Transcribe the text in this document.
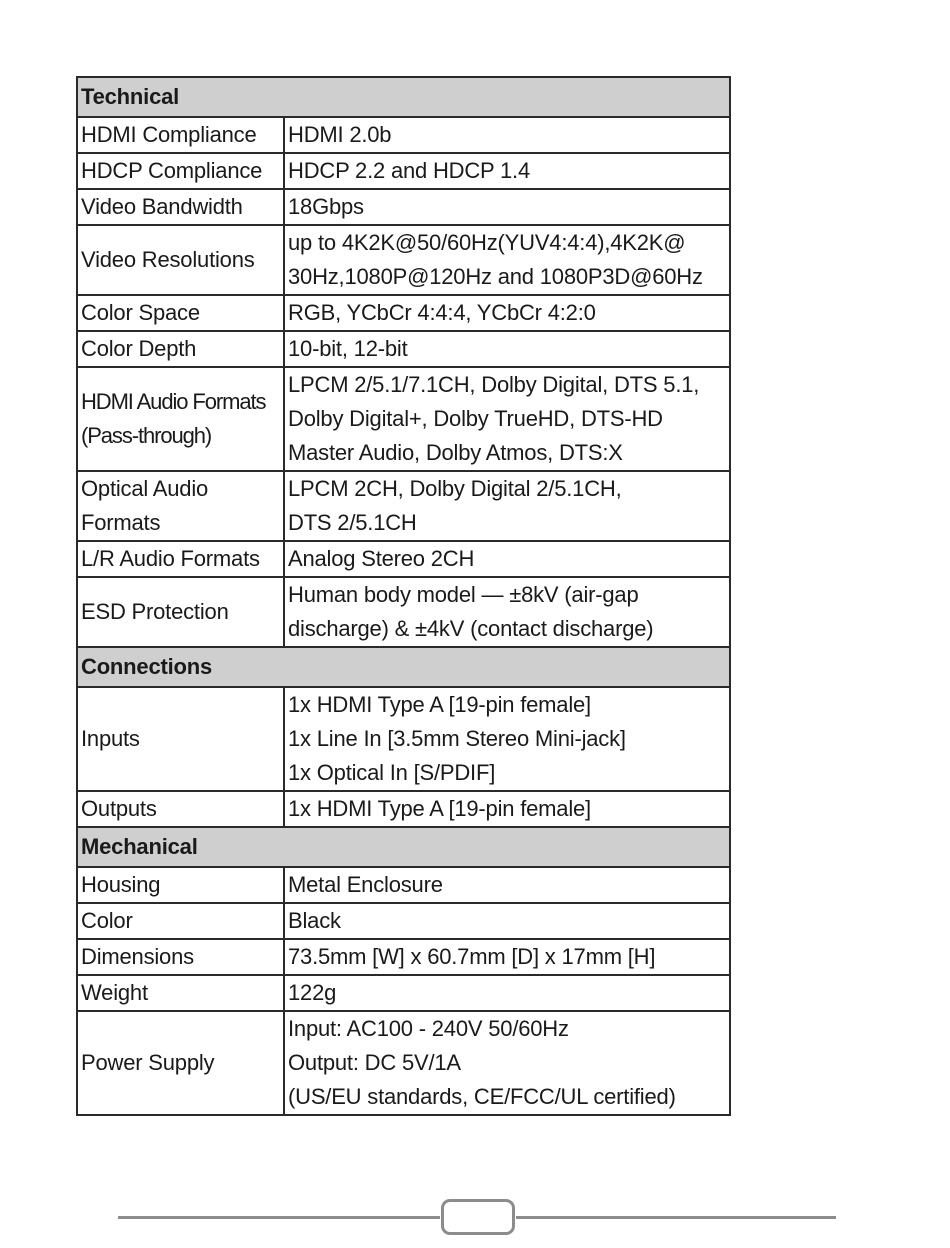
Technical	

HDMI Compliance	HDMI 2.0b

HDCP Compliance	HDCP 2.2 and HDCP 1.4

Video Bandwidth	18Gbps

Video Resolutions	up to 4K2K@50/60Hz(YUV4:4:4),4K2K@
30Hz,1080P@120Hz and 1080P3D@60Hz

Color Space	RGB, YCbCr 4:4:4, YCbCr 4:2:0

Color Depth	10-bit, 12-bit

HDMI Audio Formats
(Pass-through)	LPCM 2/5.1/7.1CH, Dolby Digital, DTS 5.1,
Dolby Digital+, Dolby TrueHD, DTS-HD
Master Audio, Dolby Atmos, DTS:X

Optical Audio
Formats	LPCM 2CH, Dolby Digital 2/5.1CH,
DTS 2/5.1CH

L/R Audio Formats	Analog Stereo 2CH

ESD Protection	Human body model — ±8kV (air-gap
discharge) & ±4kV (contact discharge)

Connections	

Inputs	1x HDMI Type A [19-pin female]
1x Line In [3.5mm Stereo Mini-jack]
1x Optical In [S/PDIF]

Outputs	1x HDMI Type A [19-pin female]

Mechanical	

Housing	Metal Enclosure

Color	Black

Dimensions	73.5mm [W] x 60.7mm [D] x 17mm [H]

Weight	122g

Power Supply	Input: AC100 - 240V 50/60Hz
Output: DC 5V/1A
(US/EU standards, CE/FCC/UL certified)
